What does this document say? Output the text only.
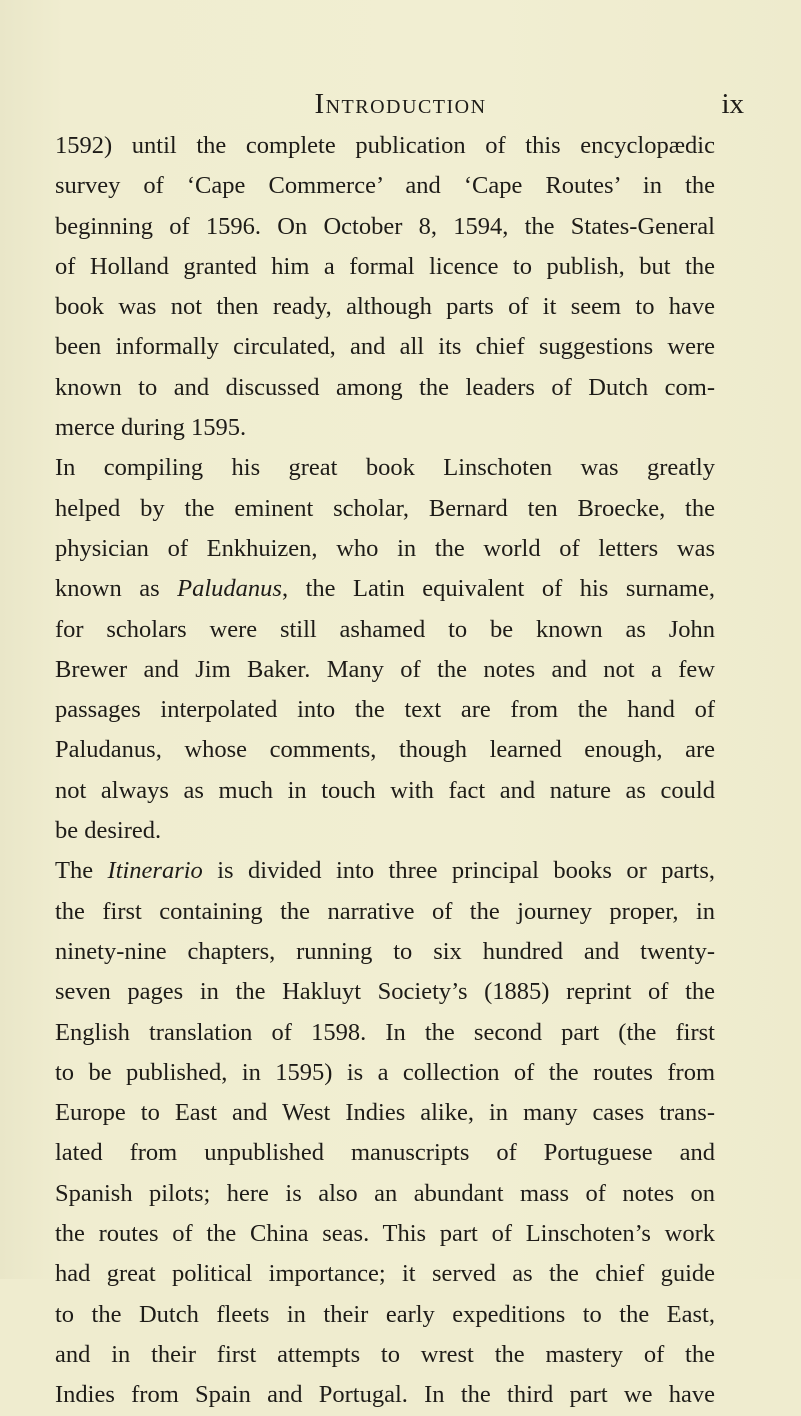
Introduction	ix
1592) until the complete publication of this encyclopædic
survey of ‘Cape Commerce’ and ‘Cape Routes’ in the
beginning of 1596. On October 8, 1594, the States-General
of Holland granted him a formal licence to publish, but the
book was not then ready, although parts of it seem to have
been informally circulated, and all its chief suggestions were
known to and discussed among the leaders of Dutch com-
merce during 1595.
In compiling his great book Linschoten was greatly
helped by the eminent scholar, Bernard ten Broecke, the
physician of Enkhuizen, who in the world of letters was
known as Paludanus, the Latin equivalent of his surname,
for scholars were still ashamed to be known as John
Brewer and Jim Baker. Many of the notes and not a few
passages interpolated into the text are from the hand of
Paludanus, whose comments, though learned enough, are
not always as much in touch with fact and nature as could
be desired.
The Itinerario is divided into three principal books or parts,
the first containing the narrative of the journey proper, in
ninety-nine chapters, running to six hundred and twenty-
seven pages in the Hakluyt Society’s (1885) reprint of the
English translation of 1598. In the second part (the first
to be published, in 1595) is a collection of the routes from
Europe to East and West Indies alike, in many cases trans-
lated from unpublished manuscripts of Portuguese and
Spanish pilots; here is also an abundant mass of notes on
the routes of the China seas. This part of Linschoten’s work
had great political importance; it served as the chief guide
to the Dutch fleets in their early expeditions to the East,
and in their first attempts to wrest the mastery of the
Indies from Spain and Portugal. In the third part we have
